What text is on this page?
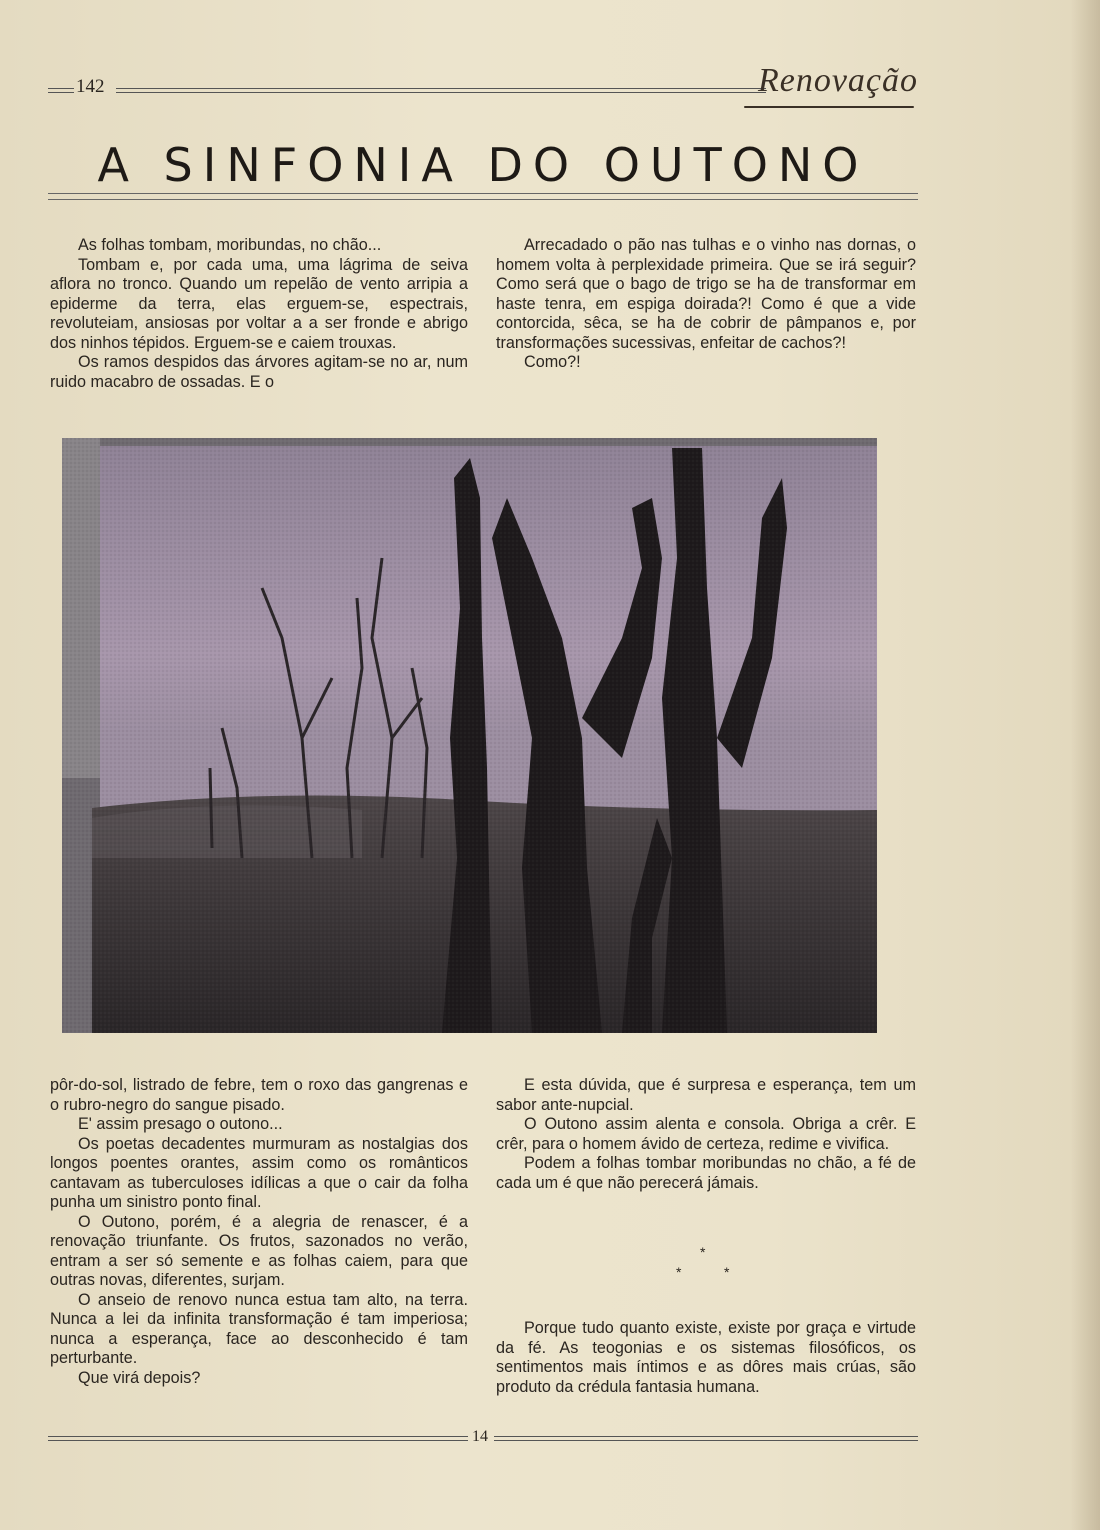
142	Renovação
A SINFONIA DO OUTONO

As folhas tombam, moribundas, no chão...

Tombam e, por cada uma, uma lágrima de seiva aflora no tronco. Quando um repelão de vento arripia a epiderme da terra, elas erguem-se, espectrais, revoluteiam, ansiosas por voltar a a ser fronde e abrigo dos ninhos tépidos. Erguem-se e caiem trouxas.

Os ramos despidos das árvores agitam-se no ar, num ruido macabro de ossadas. E o

Arrecadado o pão nas tulhas e o vinho nas dornas, o homem volta à perplexidade primeira. Que se irá seguir? Como será que o bago de trigo se ha de transformar em haste tenra, em espiga doirada?! Como é que a vide contorcida, sêca, se ha de cobrir de pâmpanos e, por transformações sucessivas, enfeitar de cachos?!

Como?!

pôr-do-sol, listrado de febre, tem o roxo das gangrenas e o rubro-negro do sangue pisado.

E' assim presago o outono...

Os poetas decadentes murmuram as nostalgias dos longos poentes orantes, assim como os românticos cantavam as tuberculoses idílicas a que o cair da folha punha um sinistro ponto final.

O Outono, porém, é a alegria de renascer, é a renovação triunfante. Os frutos, sazonados no verão, entram a ser só semente e as folhas caiem, para que outras novas, diferentes, surjam.

O anseio de renovo nunca estua tam alto, na terra. Nunca a lei da infinita transformação é tam imperiosa; nunca a esperança, face ao desconhecido é tam perturbante.

Que virá depois?

E esta dúvida, que é surpresa e esperança, tem um sabor ante-nupcial.

O Outono assim alenta e consola. Obriga a crêr. E crêr, para o homem ávido de certeza, redime e vivifica.

Podem a folhas tombar moribundas no chão, a fé de cada um é que não perecerá jámais.

Porque tudo quanto existe, existe por graça e virtude da fé. As teogonias e os sistemas filosóficos, os sentimentos mais íntimos e as dôres mais crúas, são produto da crédula fantasia humana.

*
*	*
14
